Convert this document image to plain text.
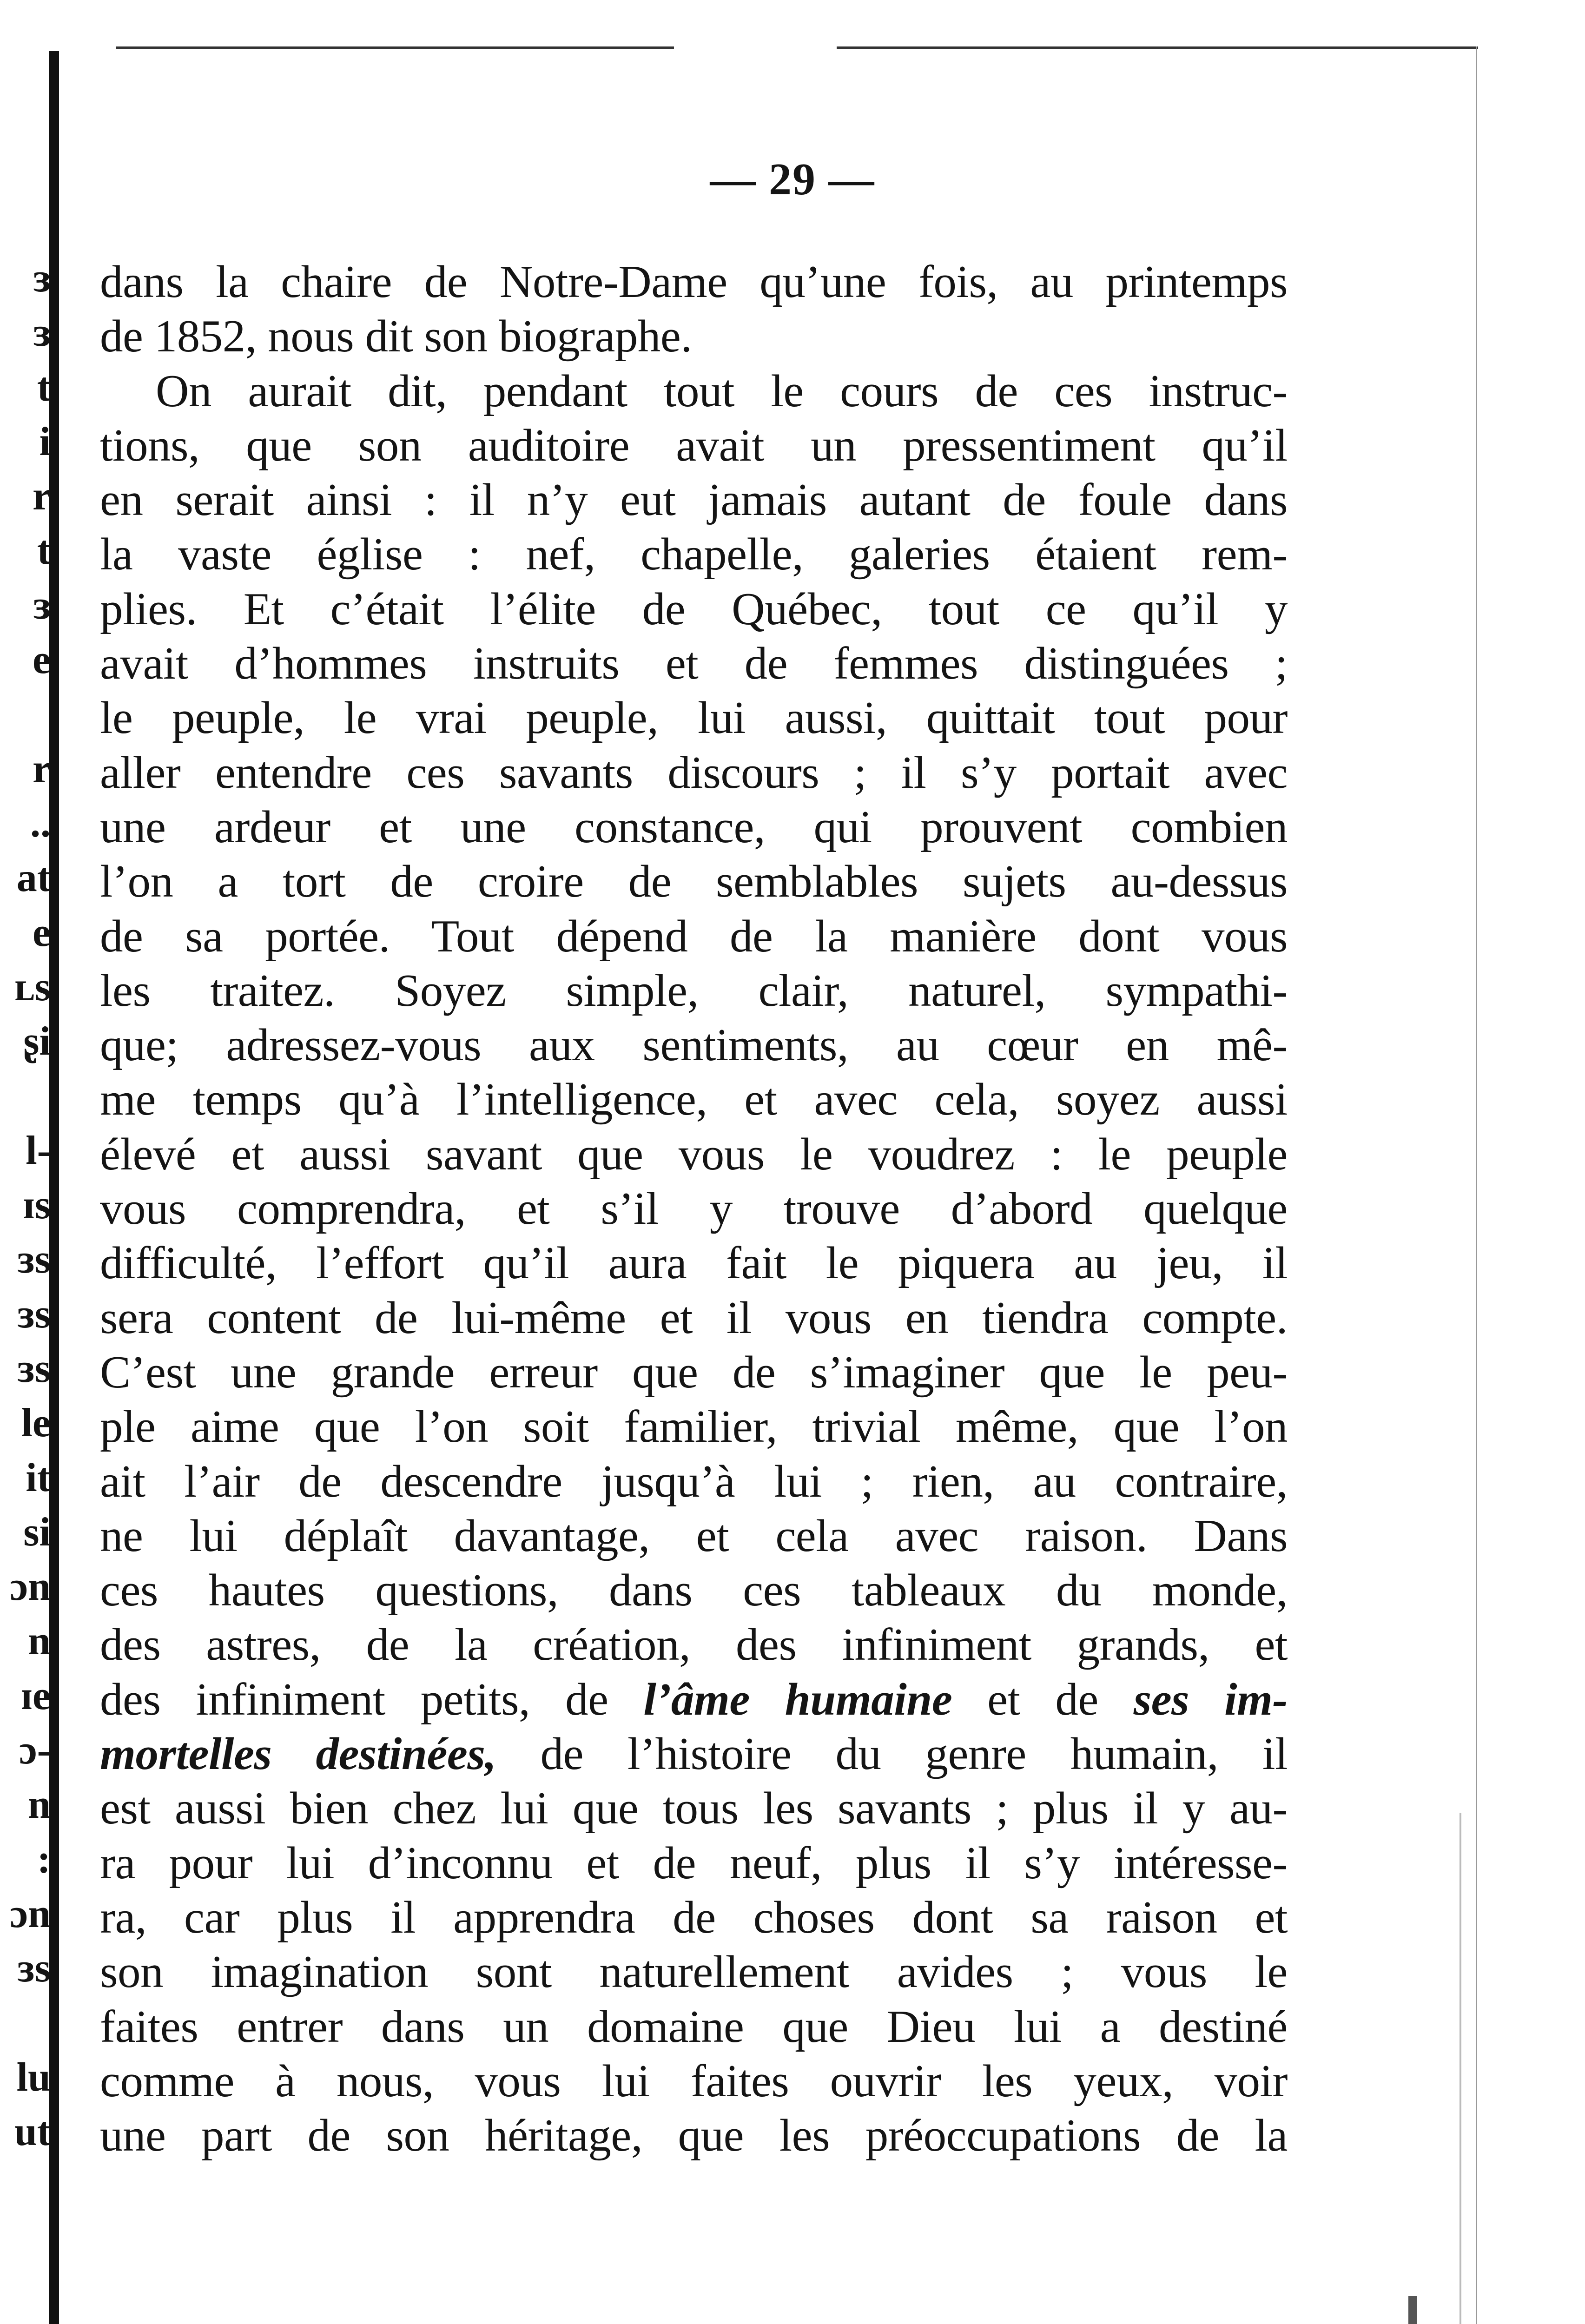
ɜ
ɜ
t
i
r
t
ɜ
e
r
..
at
e
ʟs
ʂi
l-
ɪs
ɜs
ɜs
ɜs
le
it
si
ɔn
n
ɪe
ɔ-
n
:
ɔn
ɜs
lu
ut
— 29 —
dans la chaire de Notre-Dame qu’une fois, au printemps
de 1852, nous dit son biographe.
On aurait dit, pendant tout le cours de ces instruc-
tions, que son auditoire avait un pressentiment qu’il
en serait ainsi : il n’y eut jamais autant de foule dans
la vaste église : nef, chapelle, galeries étaient rem-
plies. Et c’était l’élite de Québec, tout ce qu’il y
avait d’hommes instruits et de femmes distinguées ;
le peuple, le vrai peuple, lui aussi, quittait tout pour
aller entendre ces savants discours ; il s’y portait avec
une ardeur et une constance, qui prouvent combien
l’on a tort de croire de semblables sujets au-dessus
de sa portée. Tout dépend de la manière dont vous
les traitez. Soyez simple, clair, naturel, sympathi-
que; adressez-vous aux sentiments, au cœur en mê-
me temps qu’à l’intelligence, et avec cela, soyez aussi
élevé et aussi savant que vous le voudrez : le peuple
vous comprendra, et s’il y trouve d’abord quelque
difficulté, l’effort qu’il aura fait le piquera au jeu, il
sera content de lui-même et il vous en tiendra compte.
C’est une grande erreur que de s’imaginer que le peu-
ple aime que l’on soit familier, trivial même, que l’on
ait l’air de descendre jusqu’à lui ; rien, au contraire,
ne lui déplaît davantage, et cela avec raison. Dans
ces hautes questions, dans ces tableaux du monde,
des astres, de la création, des infiniment grands, et
des infiniment petits, de l’âme humaine et de ses im-
mortelles destinées, de l’histoire du genre humain, il
est aussi bien chez lui que tous les savants ; plus il y au-
ra pour lui d’inconnu et de neuf, plus il s’y intéresse-
ra, car plus il apprendra de choses dont sa raison et
son imagination sont naturellement avides ; vous le
faites entrer dans un domaine que Dieu lui a destiné
comme à nous, vous lui faites ouvrir les yeux, voir
une part de son héritage, que les préoccupations de la
